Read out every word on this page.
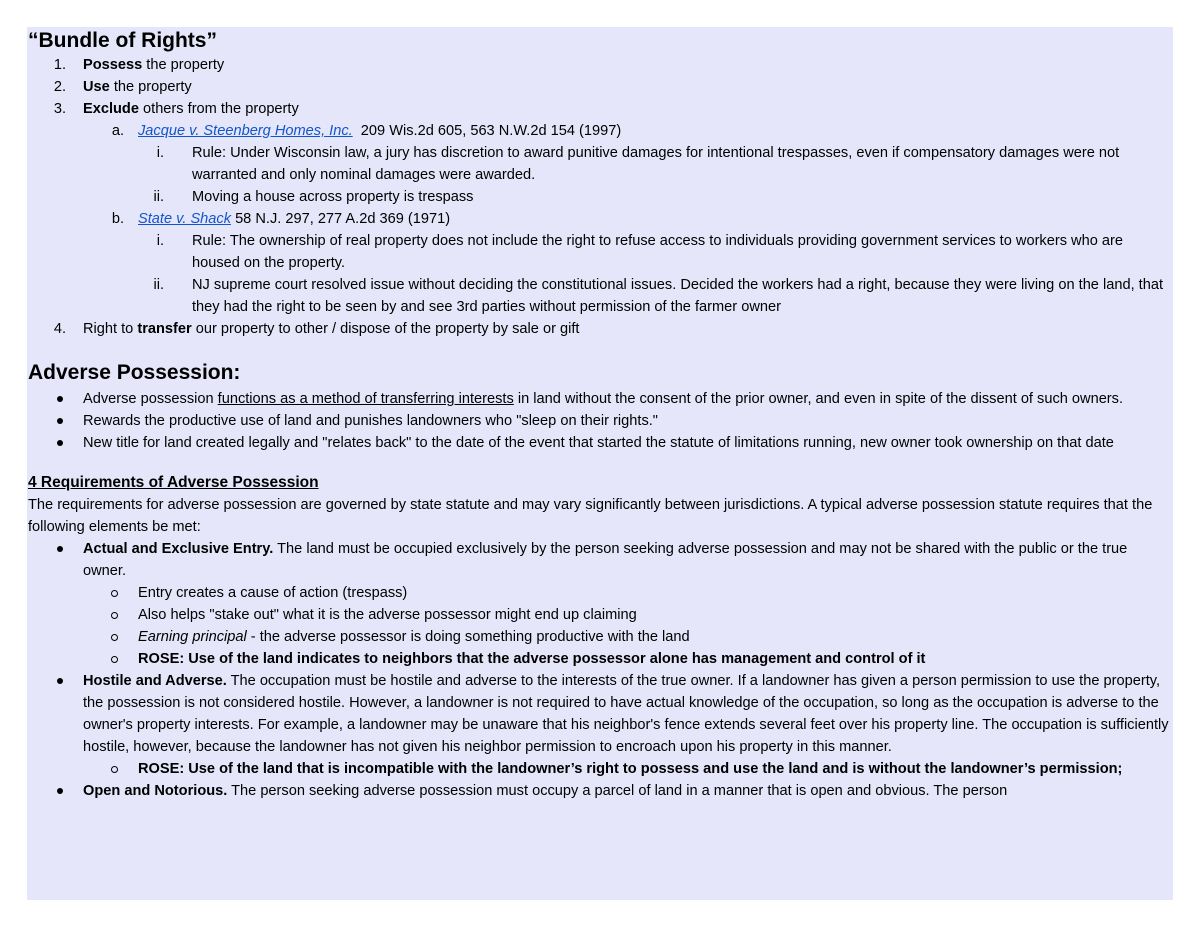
“Bundle of Rights”
1. Possess the property
2. Use the property
3. Exclude others from the property
a. Jacque v. Steenberg Homes, Inc.  209 Wis.2d 605, 563 N.W.2d 154 (1997)
i. Rule: Under Wisconsin law, a jury has discretion to award punitive damages for intentional trespasses, even if compensatory damages were not warranted and only nominal damages were awarded.
ii. Moving a house across property is trespass
b. State v. Shack 58 N.J. 297, 277 A.2d 369 (1971)
i. Rule: The ownership of real property does not include the right to refuse access to individuals providing government services to workers who are housed on the property.
ii. NJ supreme court resolved issue without deciding the constitutional issues. Decided the workers had a right, because they were living on the land, that they had the right to be seen by and see 3rd parties without permission of the farmer owner
4. Right to transfer our property to other / dispose of the property by sale or gift
Adverse Possession:
Adverse possession functions as a method of transferring interests in land without the consent of the prior owner, and even in spite of the dissent of such owners.
Rewards the productive use of land and punishes landowners who "sleep on their rights."
New title for land created legally and "relates back" to the date of the event that started the statute of limitations running, new owner took ownership on that date
4 Requirements of Adverse Possession

The requirements for adverse possession are governed by state statute and may vary significantly between jurisdictions. A typical adverse possession statute requires that the following elements be met:

Actual and Exclusive Entry. The land must be occupied exclusively by the person seeking adverse possession and may not be shared with the public or the true owner.
Entry creates a cause of action (trespass)
Also helps "stake out" what it is the adverse possessor might end up claiming
Earning principal - the adverse possessor is doing something productive with the land
ROSE: Use of the land indicates to neighbors that the adverse possessor alone has management and control of it
Hostile and Adverse. The occupation must be hostile and adverse to the interests of the true owner. If a landowner has given a person permission to use the property, the possession is not considered hostile. However, a landowner is not required to have actual knowledge of the occupation, so long as the occupation is adverse to the owner's property interests. For example, a landowner may be unaware that his neighbor's fence extends several feet over his property line. The occupation is sufficiently hostile, however, because the landowner has not given his neighbor permission to encroach upon his property in this manner.
ROSE: Use of the land that is incompatible with the landowner’s right to possess and use the land and is without the landowner’s permission;
Open and Notorious. The person seeking adverse possession must occupy a parcel of land in a manner that is open and obvious. The person
